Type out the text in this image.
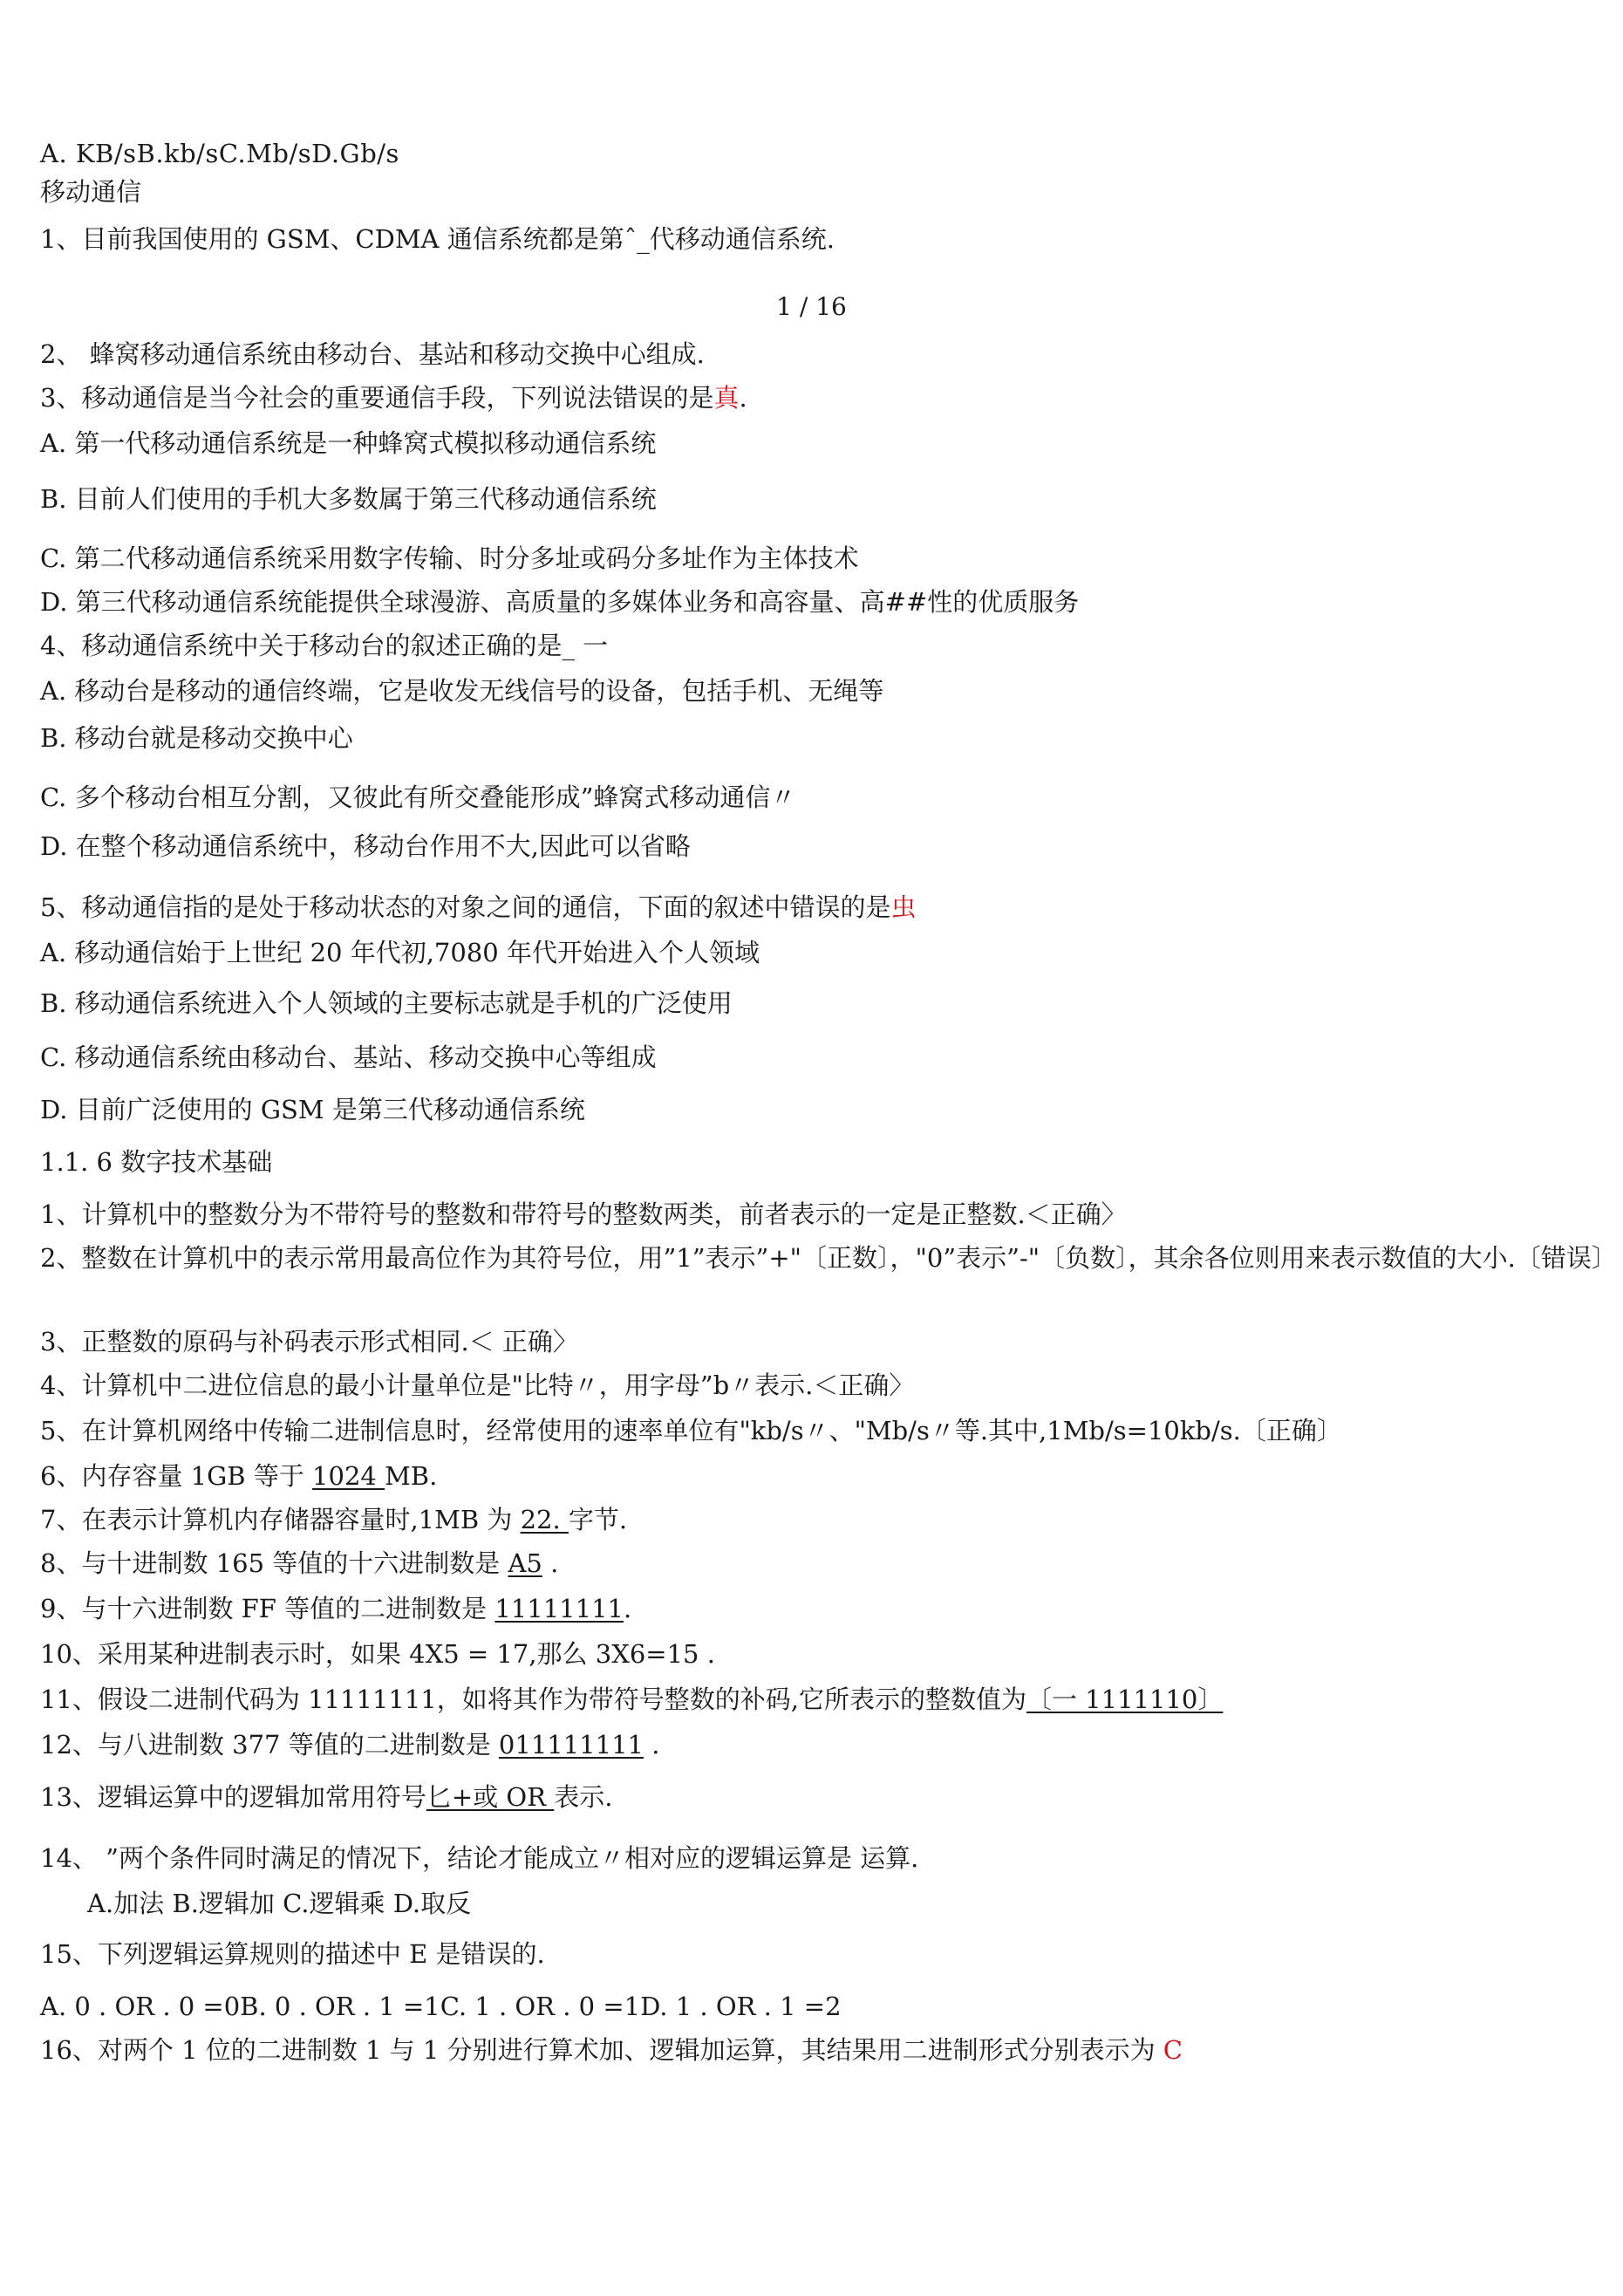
A. KB/sB.kb/sC.Mb/sD.Gb/s
移动通信
1、目前我国使用的 GSM、CDMA 通信系统都是第ˆ_代移动通信系统.
1 / 16
2、 蜂窝移动通信系统由移动台、基站和移动交换中心组成.
3、移动通信是当今社会的重要通信手段，下列说法错误的是真.
A. 第一代移动通信系统是一种蜂窝式模拟移动通信系统
B. 目前人们使用的手机大多数属于第三代移动通信系统
C. 第二代移动通信系统采用数字传输、时分多址或码分多址作为主体技术
D. 第三代移动通信系统能提供全球漫游、高质量的多媒体业务和高容量、高##性的优质服务
4、移动通信系统中关于移动台的叙述正确的是_ 一
A. 移动台是移动的通信终端，它是收发无线信号的设备，包括手机、无绳等
B. 移动台就是移动交换中心
C. 多个移动台相互分割，又彼此有所交叠能形成”蜂窝式移动通信〃
D. 在整个移动通信系统中，移动台作用不大,因此可以省略
5、移动通信指的是处于移动状态的对象之间的通信，下面的叙述中错误的是虫
A. 移动通信始于上世纪 20 年代初,7080 年代开始进入个人领域
B. 移动通信系统进入个人领域的主要标志就是手机的广泛使用
C. 移动通信系统由移动台、基站、移动交换中心等组成
D. 目前广泛使用的 GSM 是第三代移动通信系统
1.1. 6 数字技术基础
1、计算机中的整数分为不带符号的整数和带符号的整数两类，前者表示的一定是正整数.＜正确〉
2、整数在计算机中的表示常用最高位作为其符号位，用”1”表示”+"〔正数〕，"0”表示”-"〔负数〕，其余各位则用来表示数值的大小.〔错误〕
3、正整数的原码与补码表示形式相同.＜ 正确〉
4、计算机中二进位信息的最小计量单位是"比特〃，用字母”b〃表示.＜正确〉
5、在计算机网络中传输二进制信息时，经常使用的速率单位有"kb/s〃、"Mb/s〃等.其中,1Mb/s=10kb/s.〔正确〕
6、内存容量 1GB 等于 1024 MB.
7、在表示计算机内存储器容量时,1MB 为 22. 字节.
8、与十进制数 165 等值的十六进制数是 A5 .
9、与十六进制数 FF 等值的二进制数是 11111111.
10、采用某种进制表示时，如果 4X5 = 17,那么 3X6=15 .
11、假设二进制代码为 11111111，如将其作为带符号整数的补码,它所表示的整数值为〔一 1111110〕
12、与八进制数 377 等值的二进制数是 011111111 .
13、逻辑运算中的逻辑加常用符号匕+或 OR 表示.
14、 ”两个条件同时满足的情况下，结论才能成立〃相对应的逻辑运算是 运算.
A.加法 B.逻辑加 C.逻辑乘 D.取反
15、下列逻辑运算规则的描述中 E 是错误的.
A. 0 . OR . 0 =0B. 0 . OR . 1 =1C. 1 . OR . 0 =1D. 1 . OR . 1 =2
16、对两个 1 位的二进制数 1 与 1 分别进行算术加、逻辑加运算，其结果用二进制形式分别表示为 C
